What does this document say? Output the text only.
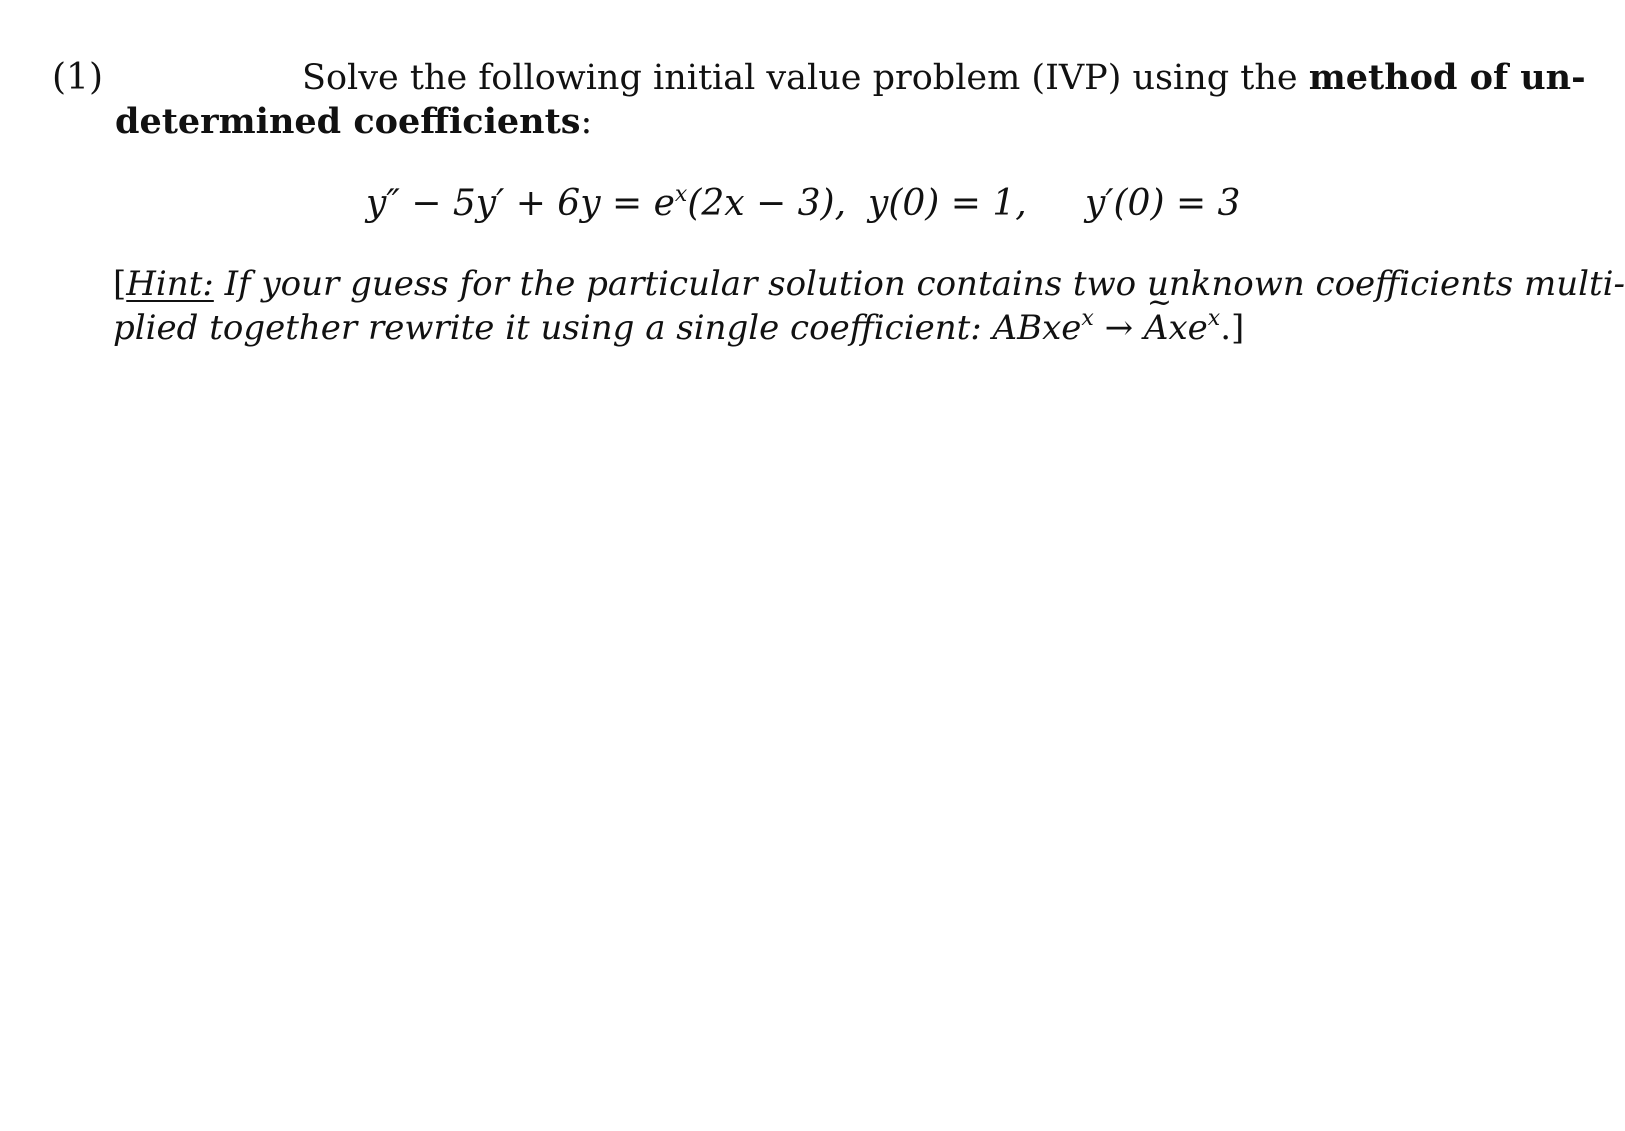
(1)	Solve the following initial value problem (IVP) using the method of un-
determined coefficients:
$y'' - 5y' + 6y = e^x(2x - 3)$, y(0) = 1, y′(0) = 3
[Hint: If your guess for the particular solution contains two unknown coefficients multi-
plied together rewrite it using a single coefficient: ABxe$^x$ → ~ Axe$^x$.]
